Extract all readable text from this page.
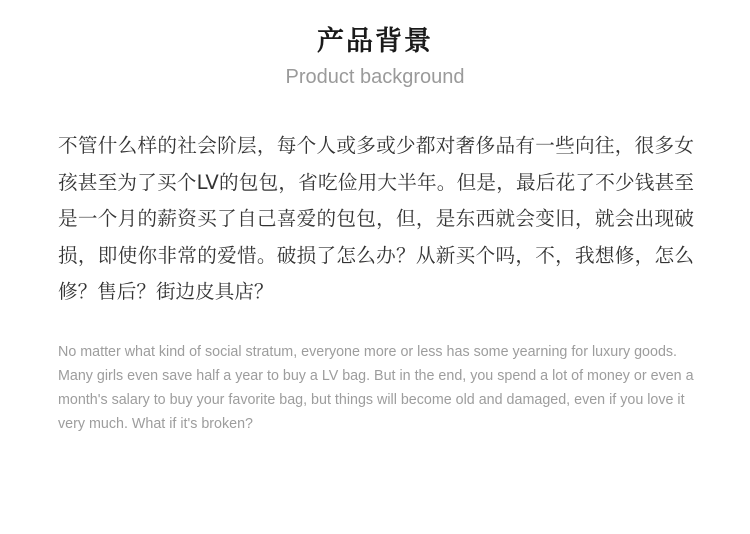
产品背景
Product background

不管什么样的社会阶层，每个人或多或少都对奢侈品有一些向往，很多女孩甚至为了买个LV的包包，省吃俭用大半年。但是，最后花了不少钱甚至是一个月的薪资买了自己喜爱的包包，但，是东西就会变旧，就会出现破损，即使你非常的爱惜。破损了怎么办？从新买个吗，不，我想修，怎么修？售后？街边皮具店？

No matter what kind of social stratum, everyone more or less has some yearning for luxury goods. Many girls even save half a year to buy a LV bag. But in the end, you spend a lot of money or even a month's salary to buy your favorite bag, but things will become old and damaged, even if you love it very much. What if it's broken?
